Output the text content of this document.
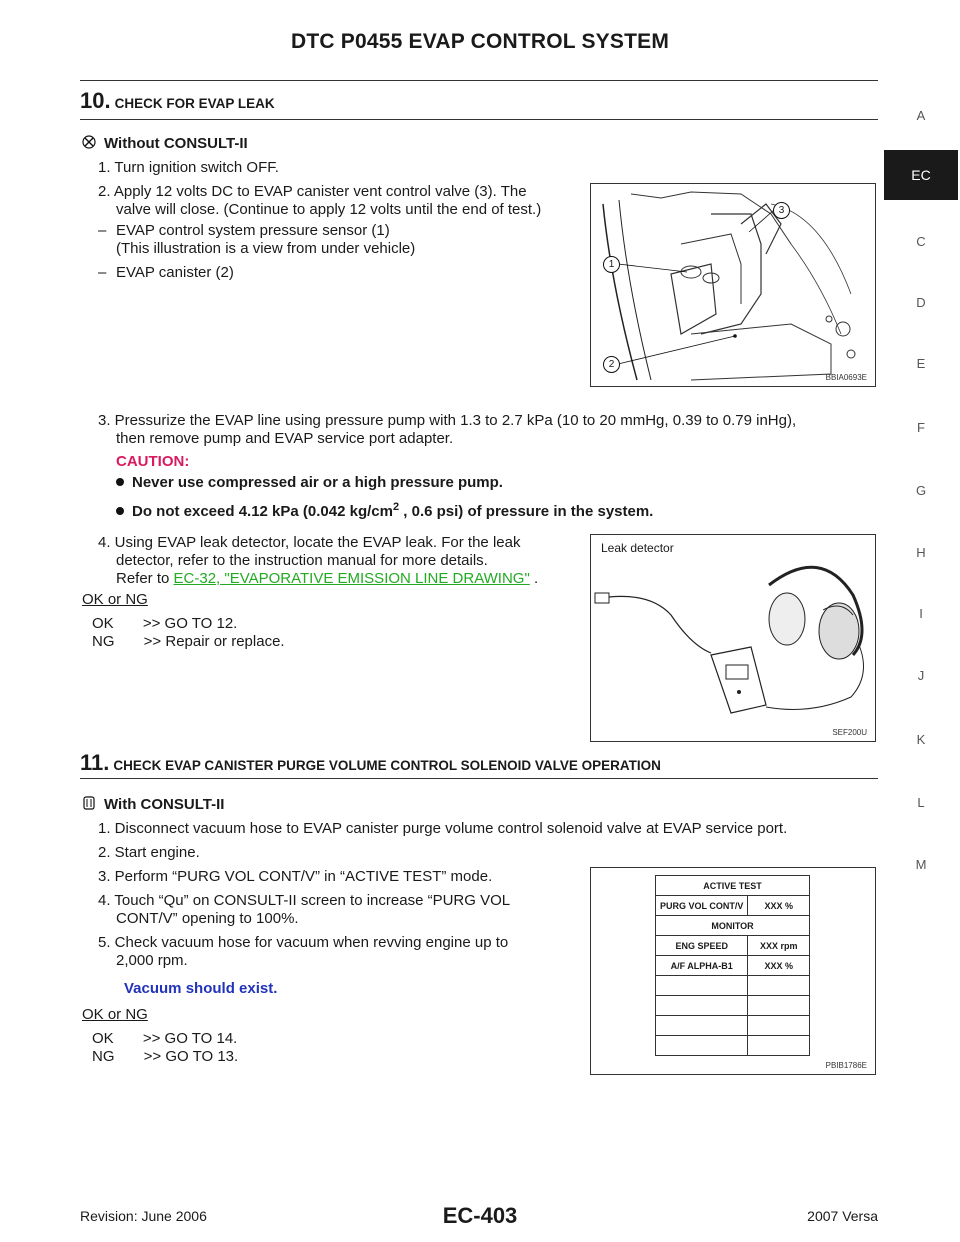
DTC P0455 EVAP CONTROL SYSTEM
A
EC
C
D
E
F
G
H
I
J
K
L
M
10. CHECK FOR EVAP LEAK
Without CONSULT-II
1. Turn ignition switch OFF.
2. Apply 12 volts DC to EVAP canister vent control valve (3). The
valve will close. (Continue to apply 12 volts until the end of test.)
– EVAP control system pressure sensor (1)
(This illustration is a view from under vehicle)
– EVAP canister (2)	1
2
3
BBIA0693E
3. Pressurize the EVAP line using pressure pump with 1.3 to 2.7 kPa (10 to 20 mmHg, 0.39 to 0.79 inHg),
then remove pump and EVAP service port adapter.
CAUTION:
Never use compressed air or a high pressure pump.
Do not exceed 4.12 kPa (0.042 $kg/cm^2$ , 0.6 psi) of pressure in the system.
4. Using EVAP leak detector, locate the EVAP leak. For the leak
detector, refer to the instruction manual for more details.
Refer to EC-32, "EVAPORATIVE EMISSION LINE DRAWING" .
OK or NG
OK       >> GO TO 12.
NG       >> Repair or replace.
Leak detector
SEF200U
11. CHECK EVAP CANISTER PURGE VOLUME CONTROL SOLENOID VALVE OPERATION
With CONSULT-II
1. Disconnect vacuum hose to EVAP canister purge volume control solenoid valve at EVAP service port.
2. Start engine.
3. Perform “PURG VOL CONT/V” in “ACTIVE TEST” mode.
4. Touch “Qu” on CONSULT-II screen to increase “PURG VOL
CONT/V” opening to 100%.
5. Check vacuum hose for vacuum when revving engine up to
2,000 rpm.
Vacuum should exist.
OK or NG
OK       >> GO TO 14.
NG       >> GO TO 13.
ACTIVE TEST	
PURG VOL CONT/V	XXX %
MONITOR	
ENG SPEED	XXX rpm
A/F ALPHA-B1	XXX %

PBIB1786E
Revision: June 2006	EC-403	2007 Versa
